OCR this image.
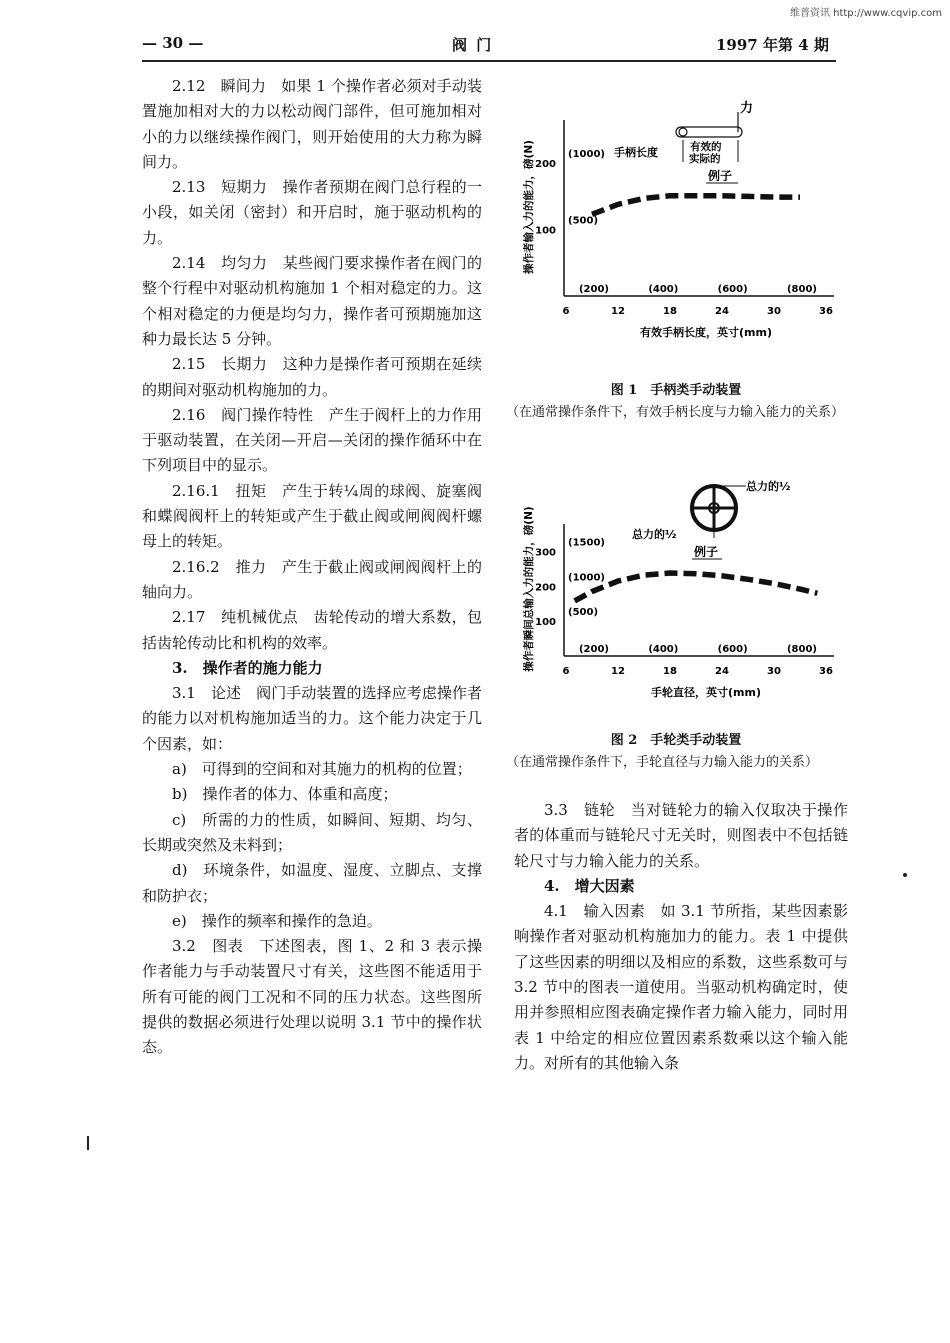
维普资讯 http://www.cqvip.com
— 30 —	阀 门	1997 年第 4 期

2.12　瞬间力　如果 1 个操作者必须对手动装置施加相对大的力以松动阀门部件，但可施加相对小的力以继续操作阀门，则开始使用的大力称为瞬间力。

2.13　短期力　操作者预期在阀门总行程的一小段，如关闭（密封）和开启时，施于驱动机构的力。

2.14　均匀力　某些阀门要求操作者在阀门的整个行程中对驱动机构施加 1 个相对稳定的力。这个相对稳定的力便是均匀力，操作者可预期施加这种力最长达 5 分钟。

2.15　长期力　这种力是操作者可预期在延续的期间对驱动机构施加的力。

2.16　阀门操作特性　产生于阀杆上的力作用于驱动装置，在关闭—开启—关闭的操作循环中在下列项目中的显示。

2.16.1　扭矩　产生于转¼周的球阀、旋塞阀和蝶阀阀杆上的转矩或产生于截止阀或闸阀阀杆螺母上的转矩。

2.16.2　推力　产生于截止阀或闸阀阀杆上的轴向力。

2.17　纯机械优点　齿轮传动的增大系数，包括齿轮传动比和机构的效率。

3.　操作者的施力能力

3.1　论述　阀门手动装置的选择应考虑操作者的能力以对机构施加适当的力。这个能力决定于几个因素，如：

a)　可得到的空间和对其施力的机构的位置；

b)　操作者的体力、体重和高度；

c)　所需的力的性质，如瞬间、短期、均匀、长期或突然及未料到；

d)　环境条件，如温度、湿度、立脚点、支撑和防护衣；

e)　操作的频率和操作的急迫。

3.2　图表　下述图表，图 1、2 和 3 表示操作者能力与手动装置尺寸有关，这些图不能适用于所有可能的阀门工况和不同的压力状态。这些图所提供的数据必须进行处理以说明 3.1 节中的操作状态。

6	12	18	24	30	36
(200)	(400)	(600)	(800)
100
200
(500)
(1000)
有效手柄长度，英寸(mm)
操作者输入力的能力，磅(N)
力
手柄长度	有效的
实际的
例子
图 1　手柄类手动装置
（在通常操作条件下，有效手柄长度与力输入能力的关系）
6	12	18	24	30	36
(200)	(400)	(600)	(800)
100
200
300
(500)
(1000)
(1500)
手轮直径，英寸(mm)
操作者瞬间总输入力的能力，磅(N)
总力的½
总力的½
例子
图 2　手轮类手动装置
（在通常操作条件下，手轮直径与力输入能力的关系）

3.3　链轮　当对链轮力的输入仅取决于操作者的体重而与链轮尺寸无关时，则图表中不包括链轮尺寸与力输入能力的关系。

4.　增大因素

4.1　输入因素　如 3.1 节所指，某些因素影响操作者对驱动机构施加力的能力。表 1 中提供了这些因素的明细以及相应的系数，这些系数可与 3.2 节中的图表一道使用。当驱动机构确定时，使用并参照相应图表确定操作者力输入能力，同时用表 1 中给定的相应位置因素系数乘以这个输入能力。对所有的其他输入条
